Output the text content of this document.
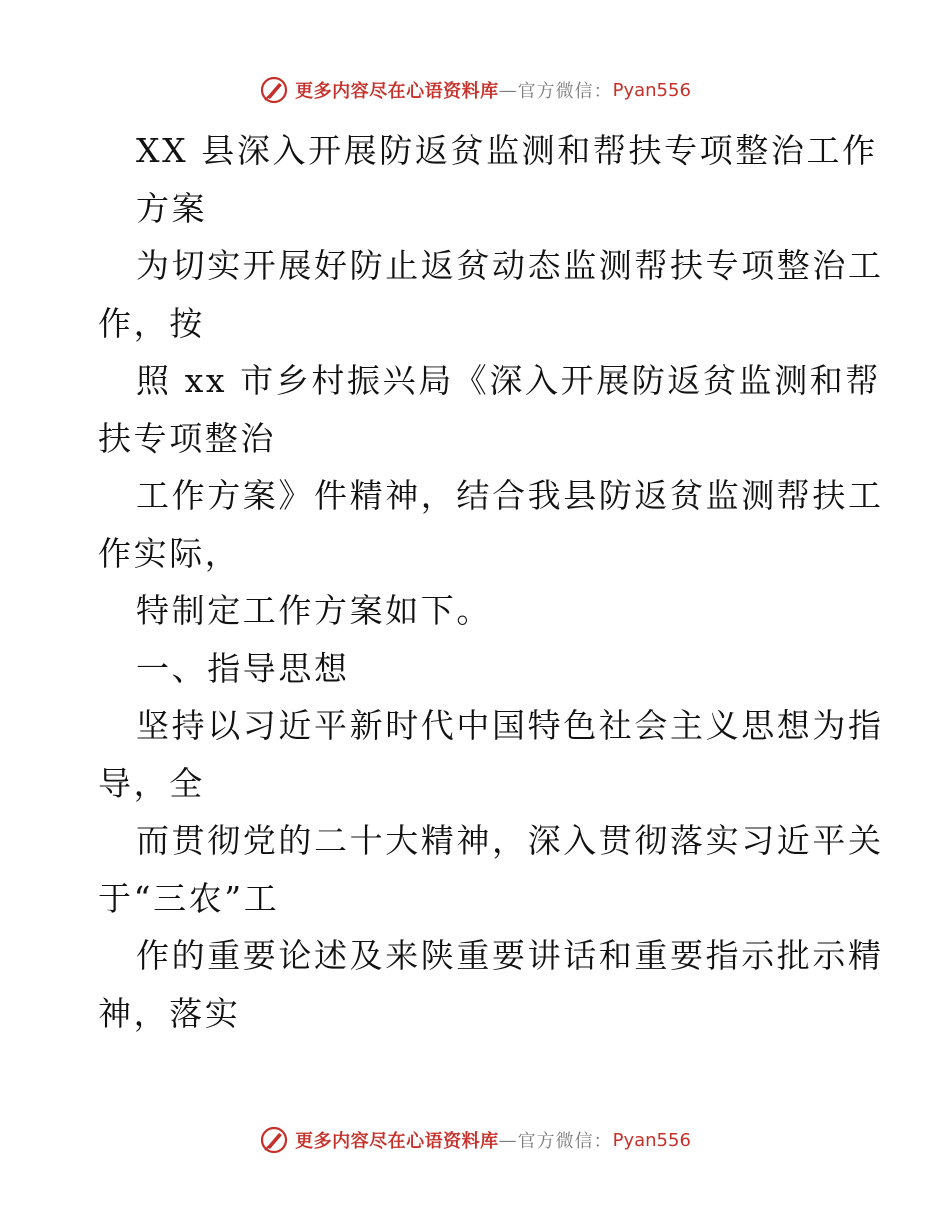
更多内容尽在心语资料库 — 官方微信： Pyan556
XX 县深入开展防返贫监测和帮扶专项整治工作
方案
为切实开展好防止返贫动态监测帮扶专项整治工
作，按
照 xx 市乡村振兴局《深入开展防返贫监测和帮
扶专项整治
工作方案》件精神，结合我县防返贫监测帮扶工
作实际，
特制定工作方案如下。
一、指导思想
坚持以习近平新时代中国特色社会主义思想为指
导，全
而贯彻党的二十大精神，深入贯彻落实习近平关
于“三农”工
作的重要论述及来陕重要讲话和重要指示批示精
神，落实
更多内容尽在心语资料库 — 官方微信： Pyan556
